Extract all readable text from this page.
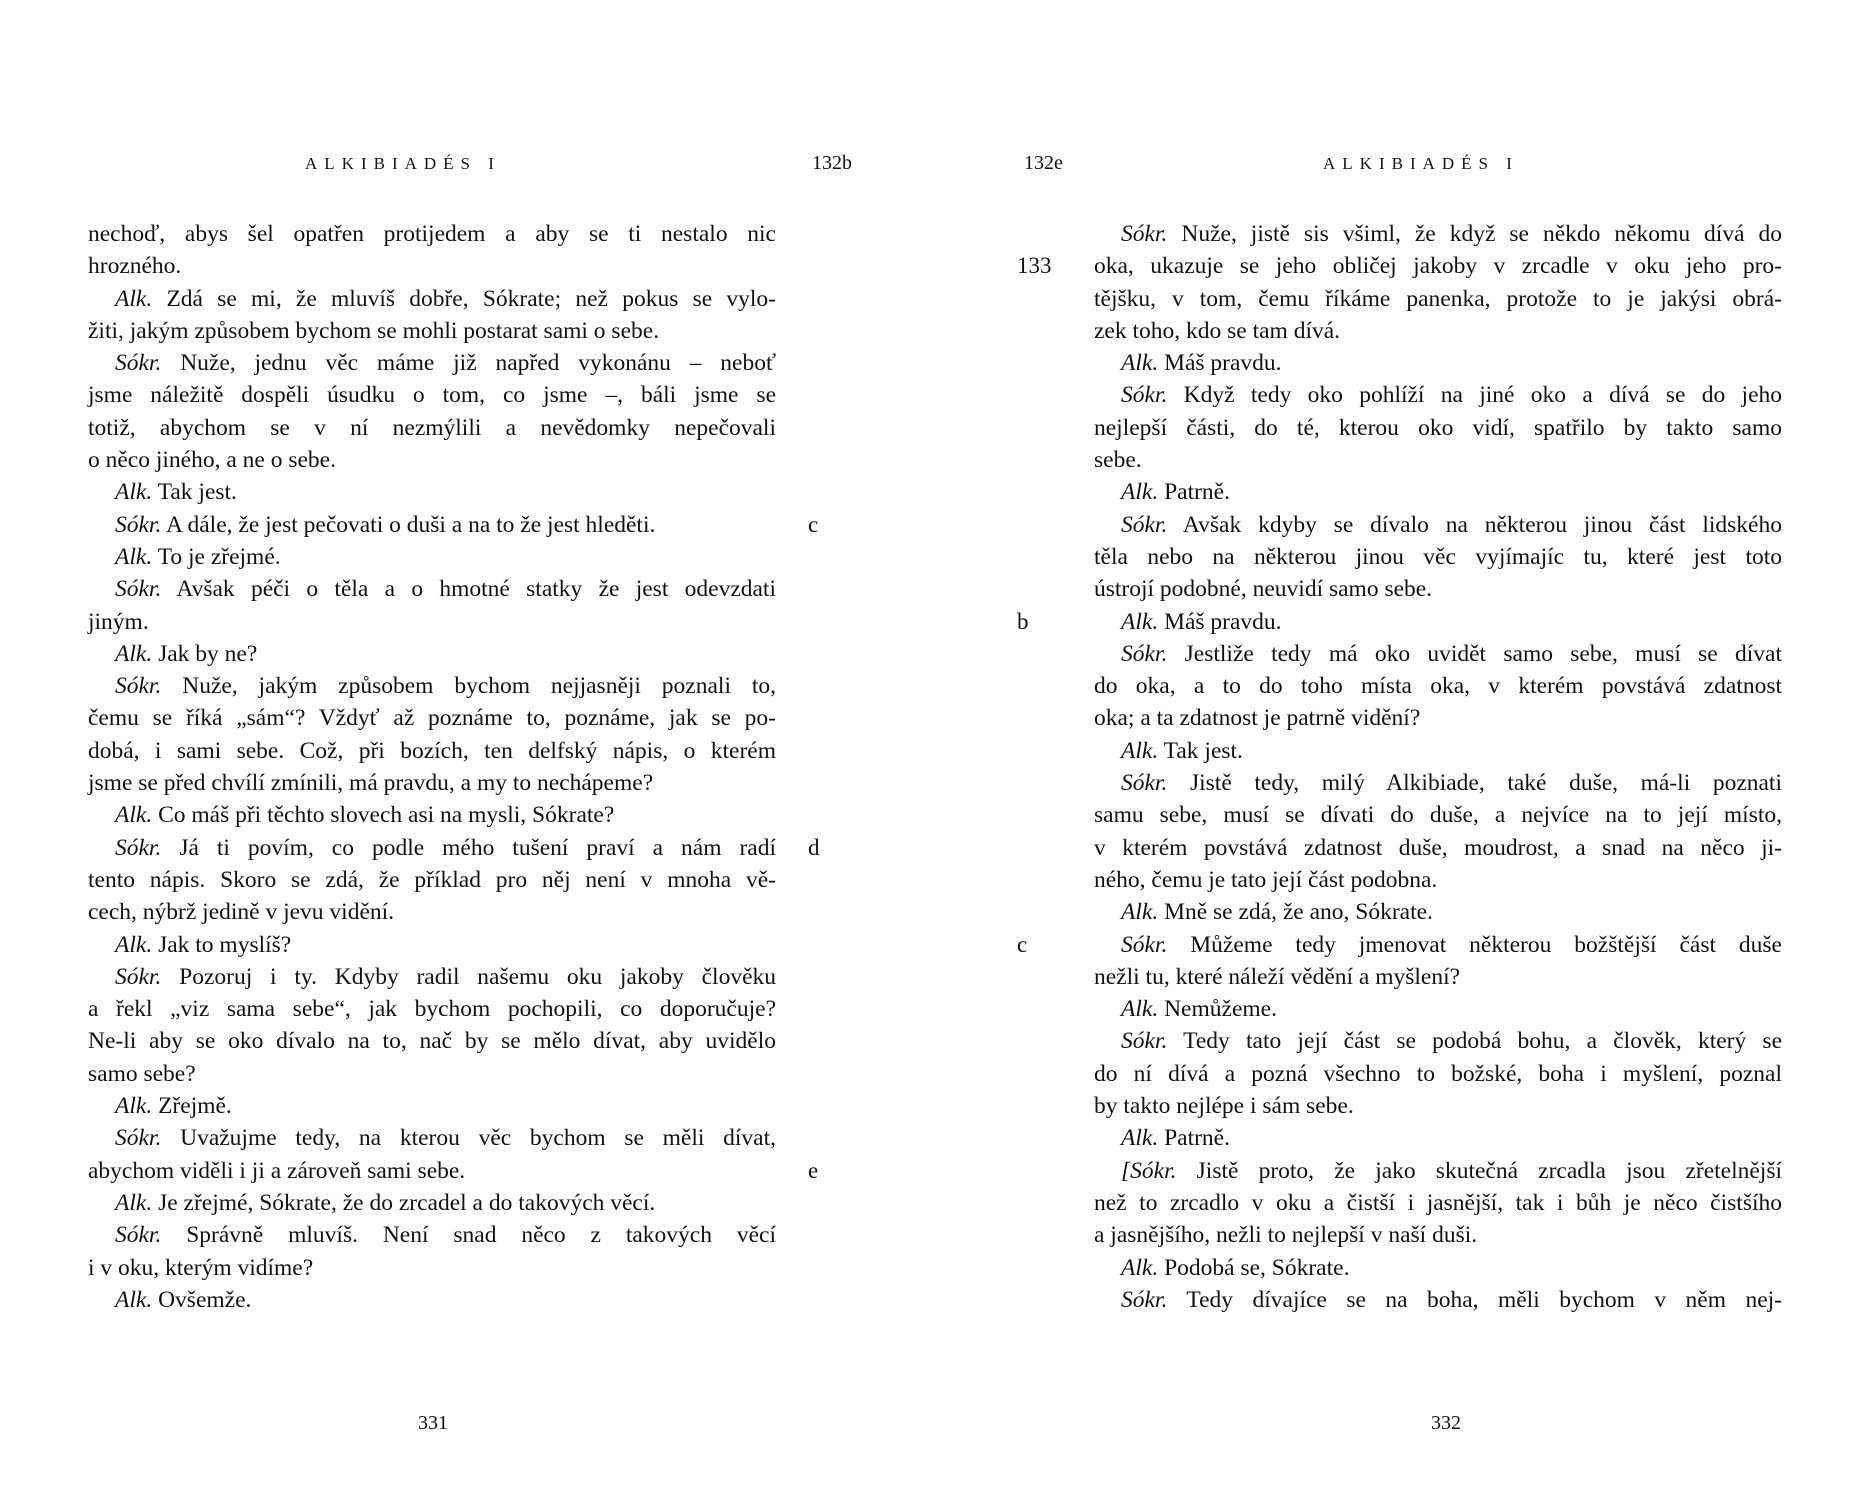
ALKIBIADÉS I	132b
nechoď, abys šel opatřen protijedem a aby se ti nestalo nic
hrozného.
Alk. Zdá se mi, že mluvíš dobře, Sókrate; než pokus se vylo-
žiti, jakým způsobem bychom se mohli postarat sami o sebe.
Sókr. Nuže, jednu věc máme již napřed vykonánu – neboť
jsme náležitě dospěli úsudku o tom, co jsme –, báli jsme se
totiž, abychom se v ní nezmýlili a nevědomky nepečovali
o něco jiného, a ne o sebe.
Alk. Tak jest.
Sókr. A dále, že jest pečovati o duši a na to že jest hleděti.	c
Alk. To je zřejmé.
Sókr. Avšak péči o těla a o hmotné statky že jest odevzdati
jiným.
Alk. Jak by ne?
Sókr. Nuže, jakým způsobem bychom nejjasněji poznali to,
čemu se říká „sám“? Vždyť až poznáme to, poznáme, jak se po-
dobá, i sami sebe. Což, při bozích, ten delfský nápis, o kterém
jsme se před chvílí zmínili, má pravdu, a my to nechápeme?
Alk. Co máš při těchto slovech asi na mysli, Sókrate?
Sókr. Já ti povím, co podle mého tušení praví a nám radí d
tento nápis. Skoro se zdá, že příklad pro něj není v mnoha vě-
cech, nýbrž jedině v jevu vidění.
Alk. Jak to myslíš?
Sókr. Pozoruj i ty. Kdyby radil našemu oku jakoby člověku
a řekl „viz sama sebe“, jak bychom pochopili, co doporučuje?
Ne-li aby se oko dívalo na to, nač by se mělo dívat, aby uvidělo
samo sebe?
Alk. Zřejmě.
Sókr. Uvažujme tedy, na kterou věc bychom se měli dívat,
abychom viděli i ji a zároveň sami sebe.	e
Alk. Je zřejmé, Sókrate, že do zrcadel a do takových věcí.
Sókr. Správně mluvíš. Není snad něco z takových věcí
i v oku, kterým vidíme?
Alk. Ovšemže.
331
132e	ALKIBIADÉS I
Sókr. Nuže, jistě sis všiml, že když se někdo někomu dívá do
oka, ukazuje se jeho obličej jakoby v zrcadle v oku jeho pro-
133
tějšku, v tom, čemu říkáme panenka, protože to je jakýsi obrá-
zek toho, kdo se tam dívá.
Alk. Máš pravdu.
Sókr. Když tedy oko pohlíží na jiné oko a dívá se do jeho
nejlepší části, do té, kterou oko vidí, spatřilo by takto samo
sebe.
Alk. Patrně.
Sókr. Avšak kdyby se dívalo na některou jinou část lidského
těla nebo na některou jinou věc vyjímajíc tu, které jest toto
ústrojí podobné, neuvidí samo sebe.
Alk. Máš pravdu.
b
Sókr. Jestliže tedy má oko uvidět samo sebe, musí se dívat
do oka, a to do toho místa oka, v kterém povstává zdatnost
oka; a ta zdatnost je patrně vidění?
Alk. Tak jest.
Sókr. Jistě tedy, milý Alkibiade, také duše, má-li poznati
samu sebe, musí se dívati do duše, a nejvíce na to její místo,
v kterém povstává zdatnost duše, moudrost, a snad na něco ji-
ného, čemu je tato její část podobna.
Alk. Mně se zdá, že ano, Sókrate.
Sókr. Můžeme tedy jmenovat některou božštější část duše
c
nežli tu, které náleží vědění a myšlení?
Alk. Nemůžeme.
Sókr. Tedy tato její část se podobá bohu, a člověk, který se
do ní dívá a pozná všechno to božské, boha i myšlení, poznal
by takto nejlépe i sám sebe.
Alk. Patrně.
[Sókr. Jistě proto, že jako skutečná zrcadla jsou zřetelnější
než to zrcadlo v oku a čistší i jasnější, tak i bůh je něco čistšího
a jasnějšího, nežli to nejlepší v naší duši.
Alk. Podobá se, Sókrate.
Sókr. Tedy dívajíce se na boha, měli bychom v něm nej-
332
